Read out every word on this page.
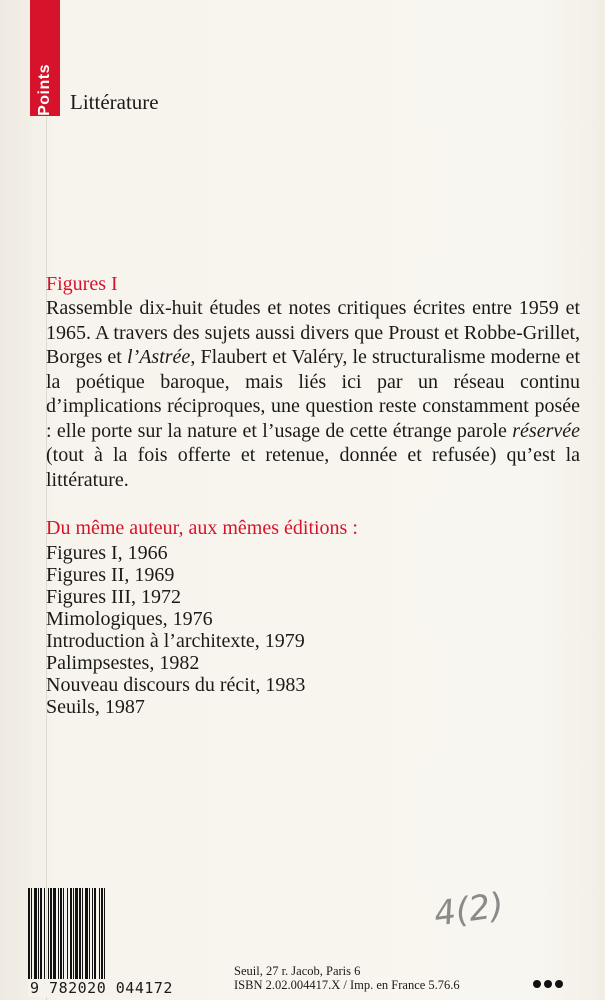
Points Littérature
Figures I

Rassemble dix-huit études et notes critiques écrites entre 1959 et 1965. A travers des sujets aussi divers que Proust et Robbe-Grillet, Borges et l’Astrée, Flaubert et Valéry, le structuralisme moderne et la poétique baroque, mais liés ici par un réseau continu d’implications réciproques, une question reste constamment posée : elle porte sur la nature et l’usage de cette étrange parole réservée (tout à la fois offerte et retenue, donnée et refusée) qu’est la littérature.

Du même auteur, aux mêmes éditions :
Figures I, 1966
Figures II, 1969
Figures III, 1972
Mimologiques, 1976
Introduction à l’architexte, 1979
Palimpsestes, 1982
Nouveau discours du récit, 1983
Seuils, 1987
9 782020 044172
4(2)
Seuil, 27 r. Jacob, Paris 6
ISBN 2.02.004417.X / Imp. en France 5.76.6
